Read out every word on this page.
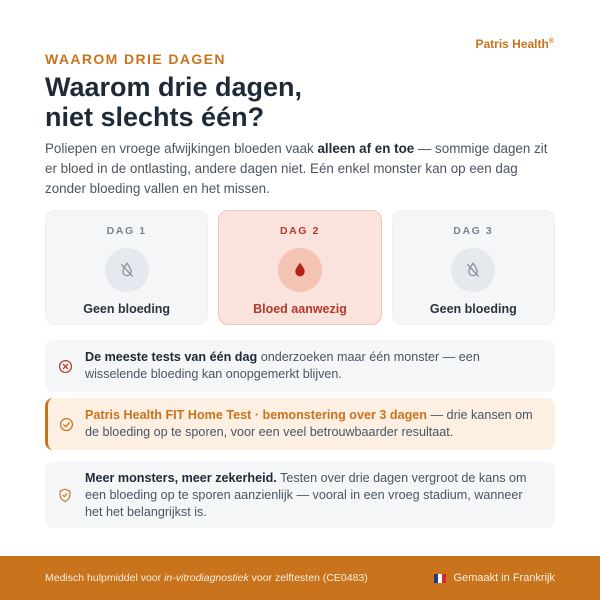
Patris Health®
WAAROM DRIE DAGEN
Waarom drie dagen,
niet slechts één?

Poliepen en vroege afwijkingen bloeden vaak alleen af en toe — sommige dagen zit er bloed in de ontlasting, andere dagen niet. Eén enkel monster kan op een dag zonder bloeding vallen en het missen.

DAG 1
Geen bloeding
DAG 2
Bloed aanwezig
DAG 3
Geen bloeding
De meeste tests van één dag onderzoeken maar één monster — een wisselende bloeding kan onopgemerkt blijven.
Patris Health FIT Home Test · bemonstering over 3 dagen — drie kansen om de bloeding op te sporen, voor een veel betrouwbaarder resultaat.
Meer monsters, meer zekerheid. Testen over drie dagen vergroot de kans om een bloeding op te sporen aanzienlijk — vooral in een vroeg stadium, wanneer het het belangrijkst is.
Medisch hulpmiddel voor in-vitrodiagnostiek voor zelftesten (CE0483)	Gemaakt in Frankrijk
